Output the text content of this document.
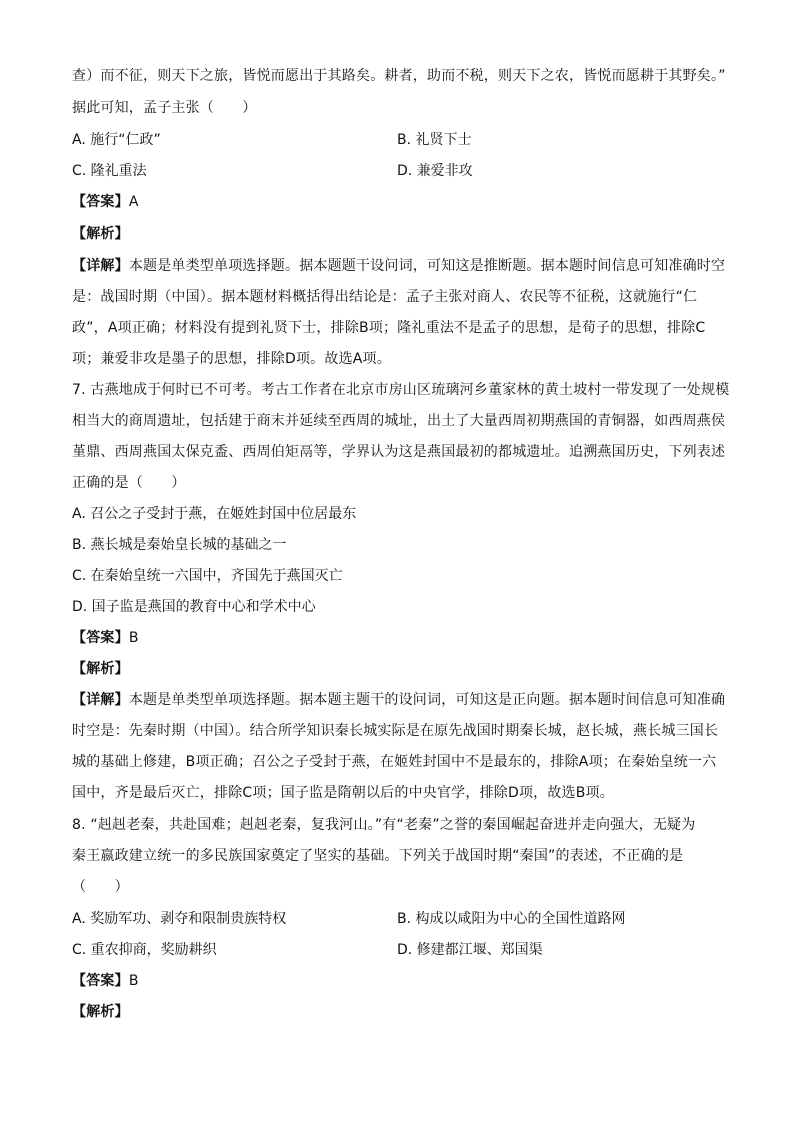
查）而不征，则天下之旅，皆悦而愿出于其路矣。耕者，助而不税，则天下之农，皆悦而愿耕于其野矣。”
据此可知，孟子主张（　　）
A. 施行“仁政”	B. 礼贤下士
C. 隆礼重法	D. 兼爱非攻
【答案】A
【解析】
【详解】本题是单类型单项选择题。据本题题干设问词，可知这是推断题。据本题时间信息可知准确时空
是：战国时期（中国）。据本题材料概括得出结论是：孟子主张对商人、农民等不征税，这就施行“仁
政”，A项正确；材料没有提到礼贤下士，排除B项；隆礼重法不是孟子的思想，是荀子的思想，排除C
项；兼爱非攻是墨子的思想，排除D项。故选A项。
7. 古燕地成于何时已不可考。考古工作者在北京市房山区琉璃河乡董家林的黄土坡村一带发现了一处规模
相当大的商周遗址，包括建于商末并延续至西周的城址，出土了大量西周初期燕国的青铜器，如西周燕侯
堇鼎、西周燕国太保克盉、西周伯矩鬲等，学界认为这是燕国最初的都城遗址。追溯燕国历史，下列表述
正确的是（　　）
A. 召公之子受封于燕，在姬姓封国中位居最东
B. 燕长城是秦始皇长城的基础之一
C. 在秦始皇统一六国中，齐国先于燕国灭亡
D. 国子监是燕国的教育中心和学术中心
【答案】B
【解析】
【详解】本题是单类型单项选择题。据本题主题干的设问词，可知这是正向题。据本题时间信息可知准确
时空是：先秦时期（中国）。结合所学知识秦长城实际是在原先战国时期秦长城，赵长城，燕长城三国长
城的基础上修建，B项正确；召公之子受封于燕，在姬姓封国中不是最东的，排除A项；在秦始皇统一六
国中，齐是最后灭亡，排除C项；国子监是隋朝以后的中央官学，排除D项，故选B项。
8. “赳赳老秦，共赴国难；赳赳老秦，复我河山。”有“老秦”之誉的秦国崛起奋进并走向强大，无疑为
秦王嬴政建立统一的多民族国家奠定了坚实的基础。下列关于战国时期“秦国”的表述，不正确的是
（　　）
A. 奖励军功、剥夺和限制贵族特权	B. 构成以咸阳为中心的全国性道路网
C. 重农抑商，奖励耕织	D. 修建都江堰、郑国渠
【答案】B
【解析】
